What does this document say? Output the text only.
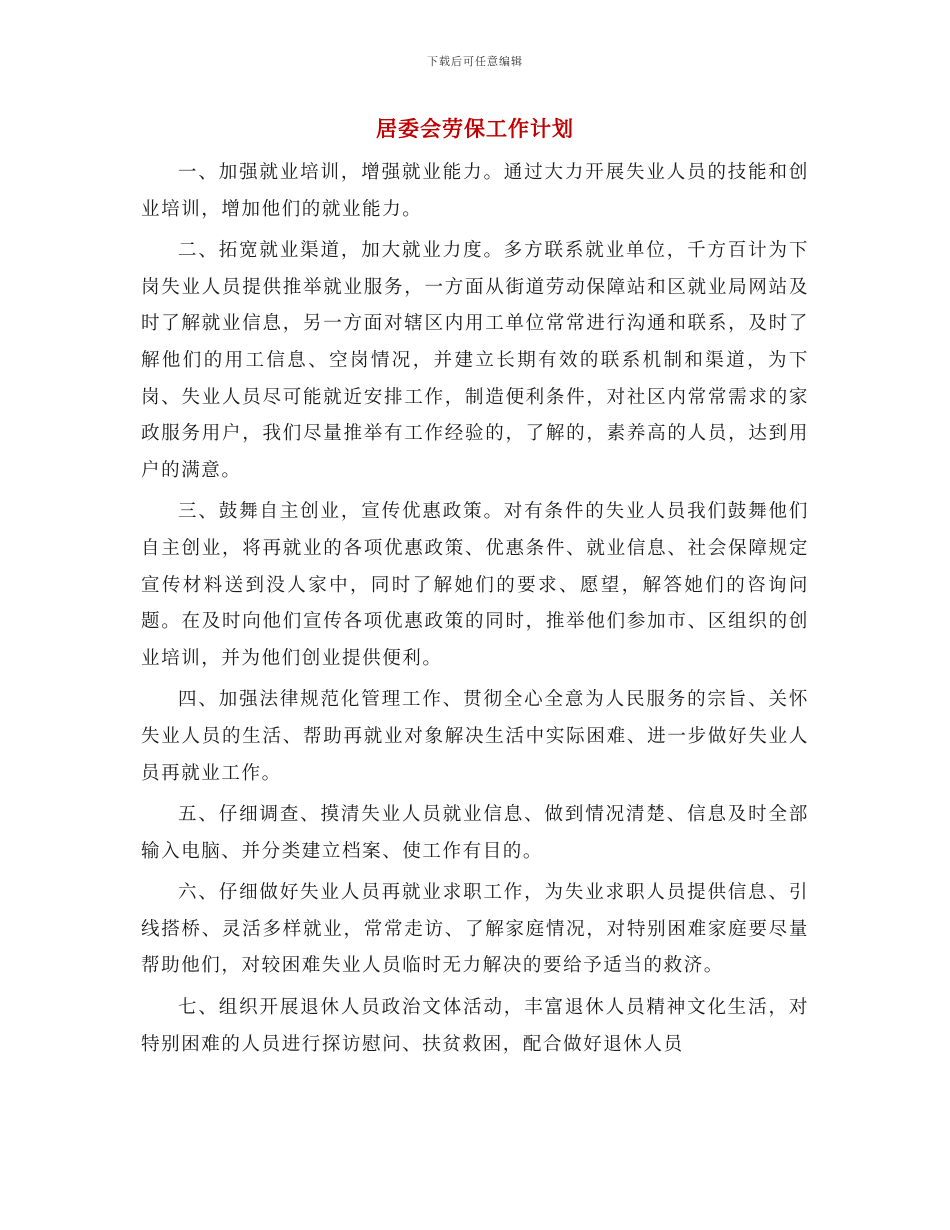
下载后可任意编辑
居委会劳保工作计划

一、加强就业培训，增强就业能力。通过大力开展失业人员的技能和创业培训，增加他们的就业能力。

二、拓宽就业渠道，加大就业力度。多方联系就业单位，千方百计为下岗失业人员提供推举就业服务，一方面从街道劳动保障站和区就业局网站及时了解就业信息，另一方面对辖区内用工单位常常进行沟通和联系，及时了解他们的用工信息、空岗情况，并建立长期有效的联系机制和渠道，为下岗、失业人员尽可能就近安排工作，制造便利条件，对社区内常常需求的家政服务用户，我们尽量推举有工作经验的，了解的，素养高的人员，达到用户的满意。

三、鼓舞自主创业，宣传优惠政策。对有条件的失业人员我们鼓舞他们自主创业，将再就业的各项优惠政策、优惠条件、就业信息、社会保障规定宣传材料送到没人家中，同时了解她们的要求、愿望，解答她们的咨询问题。在及时向他们宣传各项优惠政策的同时，推举他们参加市、区组织的创业培训，并为他们创业提供便利。

四、加强法律规范化管理工作、贯彻全心全意为人民服务的宗旨、关怀失业人员的生活、帮助再就业对象解决生活中实际困难、进一步做好失业人员再就业工作。

五、仔细调查、摸清失业人员就业信息、做到情况清楚、信息及时全部输入电脑、并分类建立档案、使工作有目的。

六、仔细做好失业人员再就业求职工作，为失业求职人员提供信息、引线搭桥、灵活多样就业，常常走访、了解家庭情况，对特别困难家庭要尽量帮助他们，对较困难失业人员临时无力解决的要给予适当的救济。

七、组织开展退休人员政治文体活动，丰富退休人员精神文化生活，对特别困难的人员进行探访慰问、扶贫救困，配合做好退休人员
